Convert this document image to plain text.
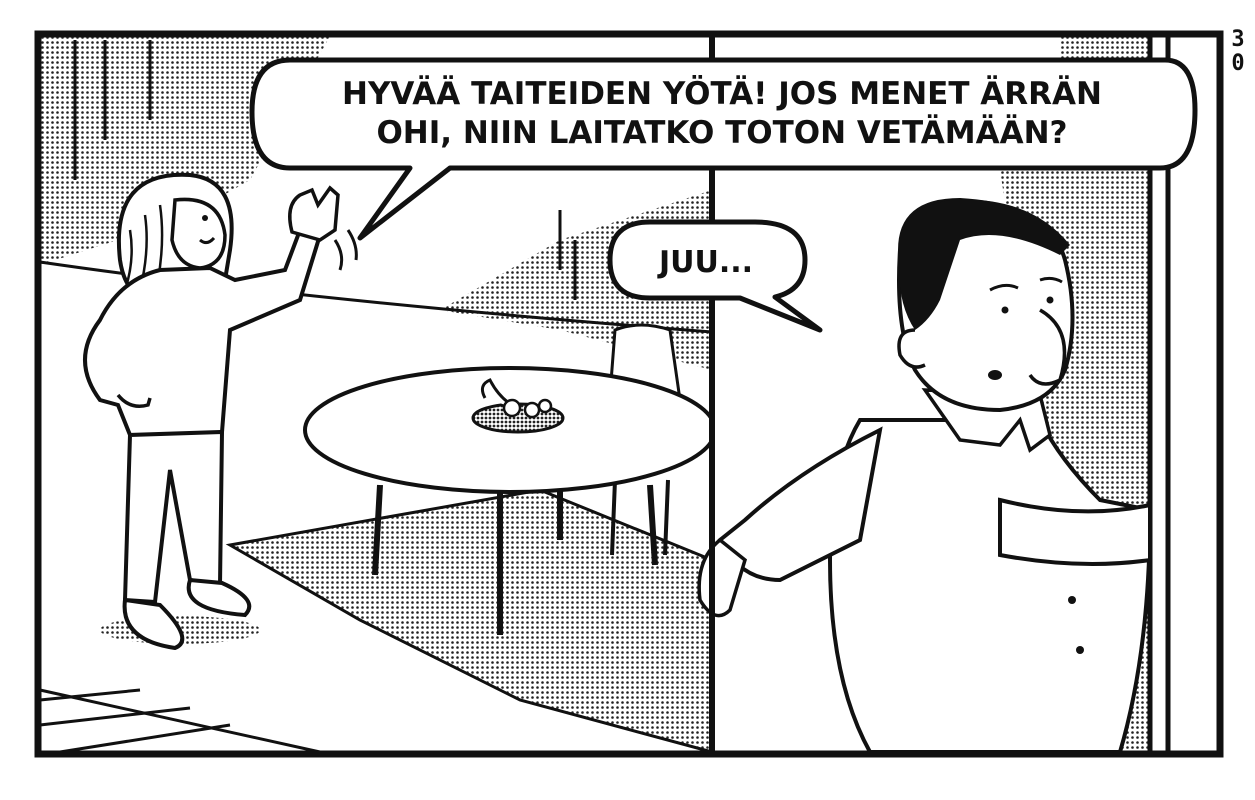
HYVÄÄ TAITEIDEN YÖTÄ! JOS MENET ÄRRÄN
OHI, NIIN LAITATKO TOTON VETÄMÄÄN?
JUU...
3
0
